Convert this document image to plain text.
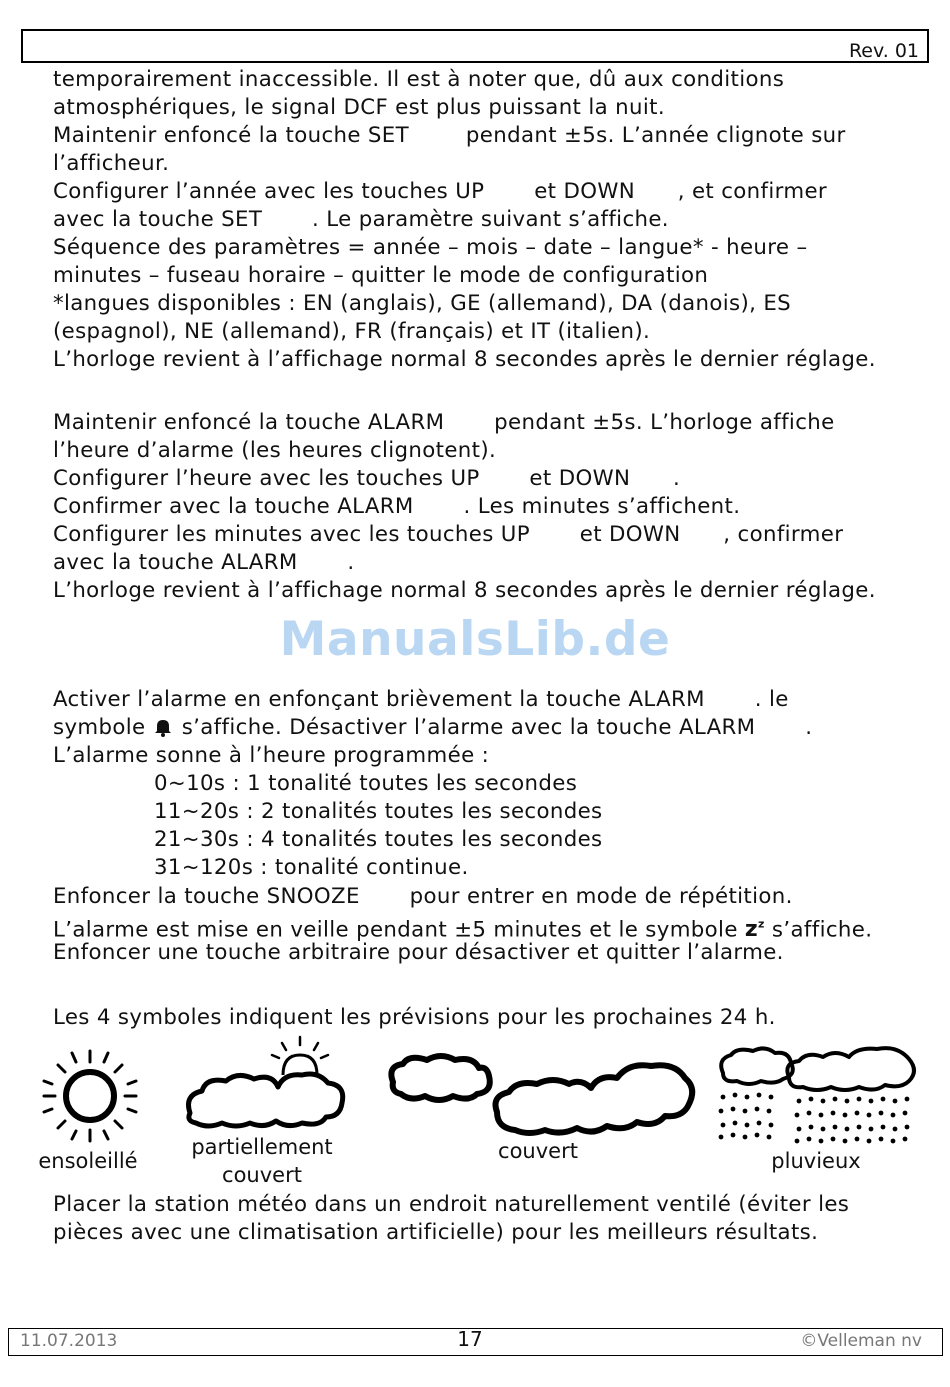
Rev. 01
temporairement inaccessible. Il est à noter que, dû aux conditions
atmosphériques, le signal DCF est plus puissant la nuit.
Maintenir enfoncé la touche SET        pendant ±5s. L’année clignote sur
l’afficheur.
Configurer l’année avec les touches UP       et DOWN      , et confirmer
avec la touche SET       . Le paramètre suivant s’affiche.
Séquence des paramètres = année – mois – date – langue* - heure –
minutes – fuseau horaire – quitter le mode de configuration
*langues disponibles : EN (anglais), GE (allemand), DA (danois), ES
(espagnol), NE (allemand), FR (français) et IT (italien).
L’horloge revient à l’affichage normal 8 secondes après le dernier réglage.
Maintenir enfoncé la touche ALARM       pendant ±5s. L’horloge affiche
l’heure d’alarme (les heures clignotent).
Configurer l’heure avec les touches UP       et DOWN      .
Confirmer avec la touche ALARM       . Les minutes s’affichent.
Configurer les minutes avec les touches UP       et DOWN      , confirmer
avec la touche ALARM       .
L’horloge revient à l’affichage normal 8 secondes après le dernier réglage.
ManualsLib.de
Activer l’alarme en enfonçant brièvement la touche ALARM       . le
symbole  s’affiche. Désactiver l’alarme avec la touche ALARM       .
L’alarme sonne à l’heure programmée :
0~10s : 1 tonalité toutes les secondes
11~20s : 2 tonalités toutes les secondes
21~30s : 4 tonalités toutes les secondes
31~120s : tonalité continue.
Enfoncer la touche SNOOZE       pour entrer en mode de répétition.
L’alarme est mise en veille pendant ±5 minutes et le symbole $z^z$ s’affiche.
Enfoncer une touche arbitraire pour désactiver et quitter l’alarme.
Les 4 symboles indiquent les prévisions pour les prochaines 24 h.
ensoleillé
partiellement
couvert
couvert	pluvieux
Placer la station météo dans un endroit naturellement ventilé (éviter les
pièces avec une climatisation artificielle) pour les meilleurs résultats.
11.07.2013	17	©Velleman nv
